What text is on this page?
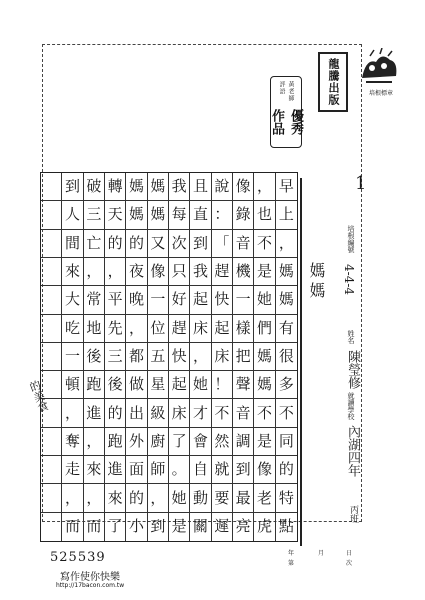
黃老師評語
優秀作品
龍騰出版	培根標章
培根編號
4-4-4
姓名
陳瑩修
就讀學校
內湖四年
丙班
1
媽媽
到 破 轉 媽 媽 我 且 說 像 ， 早
人 三 天 媽 媽 每 直 ： 錄 也 上
間 亡 的 的 又 次 到 「 音 不 ，
來 ， ， 夜 像 只 我 趕 機 是 媽
大 常 平 晚 一 好 起 快 一 她 媽
吃 地 先 ， 位 趕 床 起 樣 們 有
一 後 三 都 五 快 ， 床 把 媽 很
頓 跑 後 做 星 起 她 ！ 聲 媽 多
， 進 的 出 級 床 才 不 音 不 不
奪 ， 跑 外 廚 了 會 然 調 是 同
走 來 進 面 師 。 自 就 到 像 的
， ， 來 的 ， 她 動 要 最 老 特
而 而 了 小 到 是 關 遲 亮 虎 點
的美食
525539
寫作使你快樂
http://17bacon.com.tw
第
年	月	日
次
